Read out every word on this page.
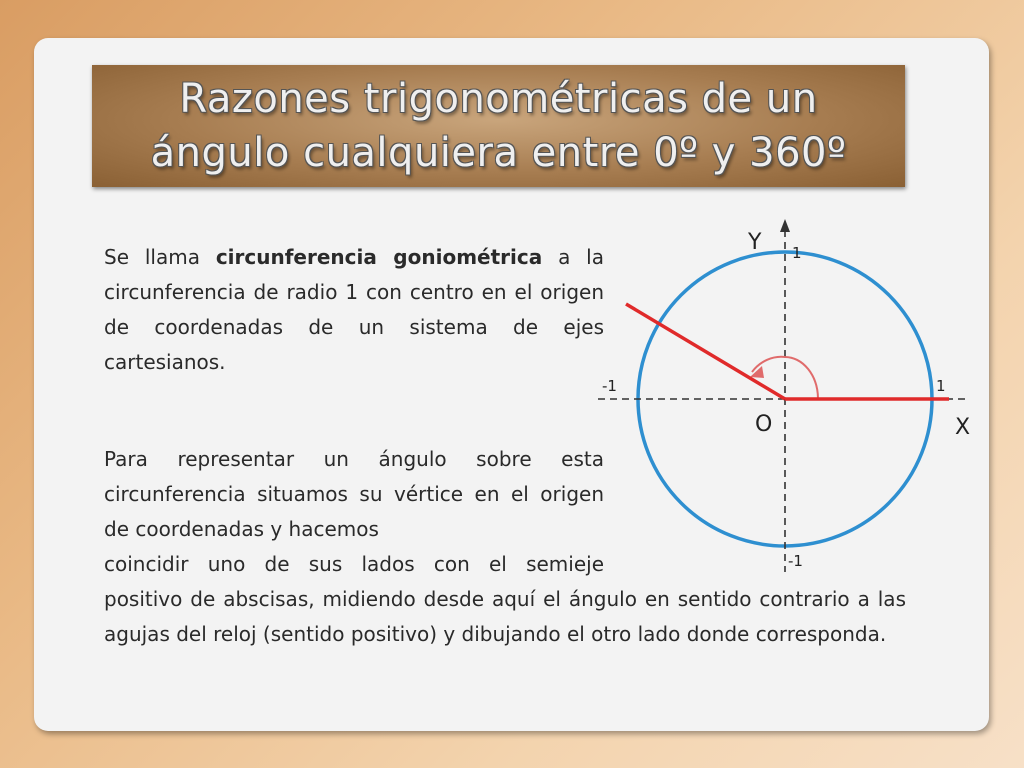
Razones trigonométricas de un
ángulo cualquiera entre 0º y 360º
Se llama circunferencia goniométrica a la circunferencia de radio 1 con centro en el origen de coordenadas de un sistema de ejes cartesianos.
Para representar un ángulo sobre esta circunferencia situamos su vértice en el origen de coordenadas y hacemos
coincidir uno de sus lados con el semieje
positivo de abscisas, midiendo desde aquí el ángulo en sentido contrario a las agujas del reloj (sentido positivo) y dibujando el otro lado donde corresponda.
Y 1
-1	1
O	X
-1
